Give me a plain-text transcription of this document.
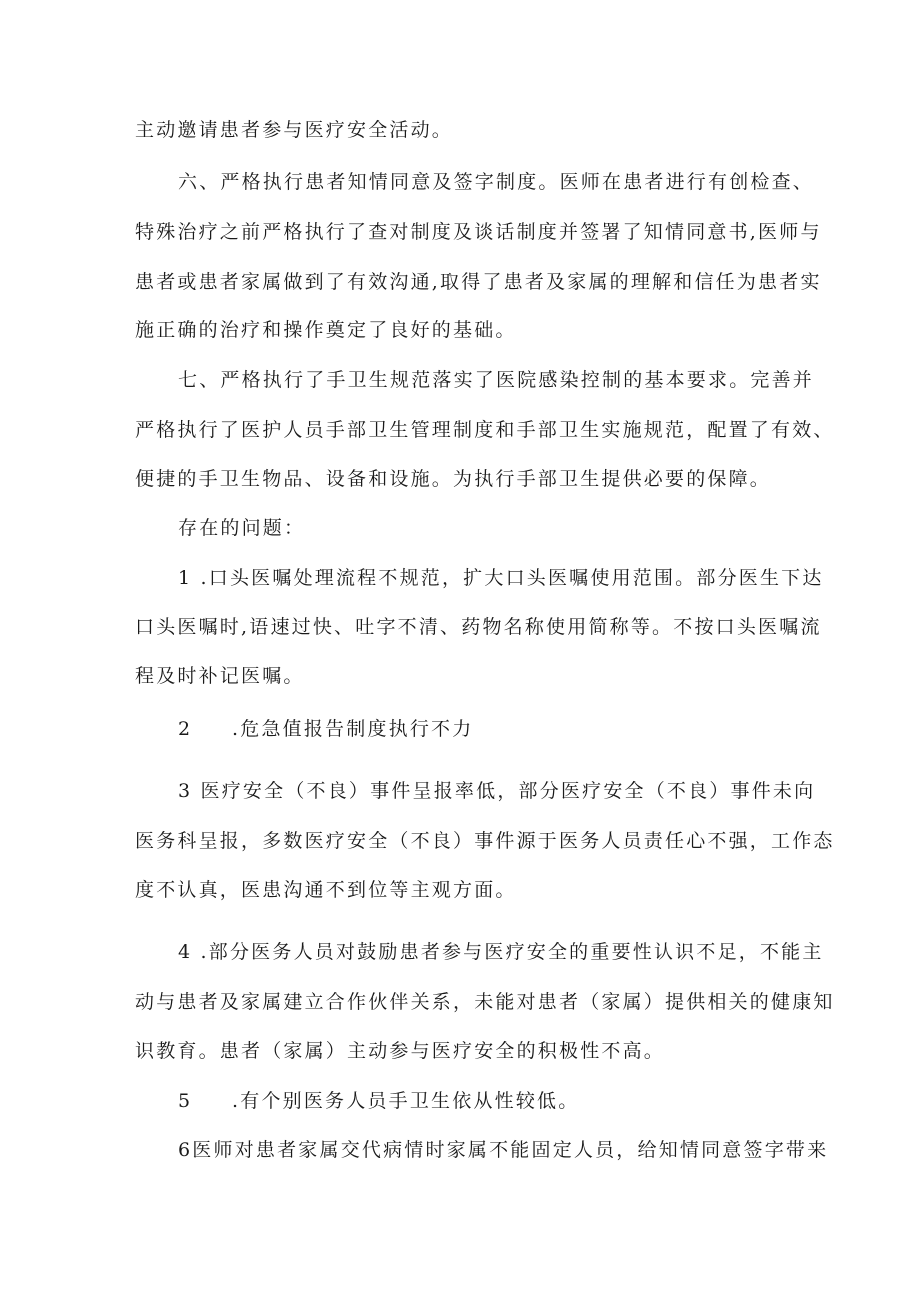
主动邀请患者参与医疗安全活动。
六、严格执行患者知情同意及签字制度。医师在患者进行有创检查、
特殊治疗之前严格执行了查对制度及谈话制度并签署了知情同意书,医师与
患者或患者家属做到了有效沟通,取得了患者及家属的理解和信任为患者实
施正确的治疗和操作奠定了良好的基础。
七、严格执行了手卫生规范落实了医院感染控制的基本要求。完善并
严格执行了医护人员手部卫生管理制度和手部卫生实施规范，配置了有效、
便捷的手卫生物品、设备和设施。为执行手部卫生提供必要的保障。
存在的问题：
1 .口头医嘱处理流程不规范，扩大口头医嘱使用范围。部分医生下达
口头医嘱时,语速过快、吐字不清、药物名称使用简称等。不按口头医嘱流
程及时补记医嘱。
2 .危急值报告制度执行不力
3 医疗安全（不良）事件呈报率低，部分医疗安全（不良）事件未向
医务科呈报，多数医疗安全（不良）事件源于医务人员责任心不强，工作态
度不认真，医患沟通不到位等主观方面。
4 .部分医务人员对鼓励患者参与医疗安全的重要性认识不足，不能主
动与患者及家属建立合作伙伴关系，未能对患者（家属）提供相关的健康知
识教育。患者（家属）主动参与医疗安全的积极性不高。
5 .有个别医务人员手卫生依从性较低。
6医师对患者家属交代病情时家属不能固定人员，给知情同意签字带来
